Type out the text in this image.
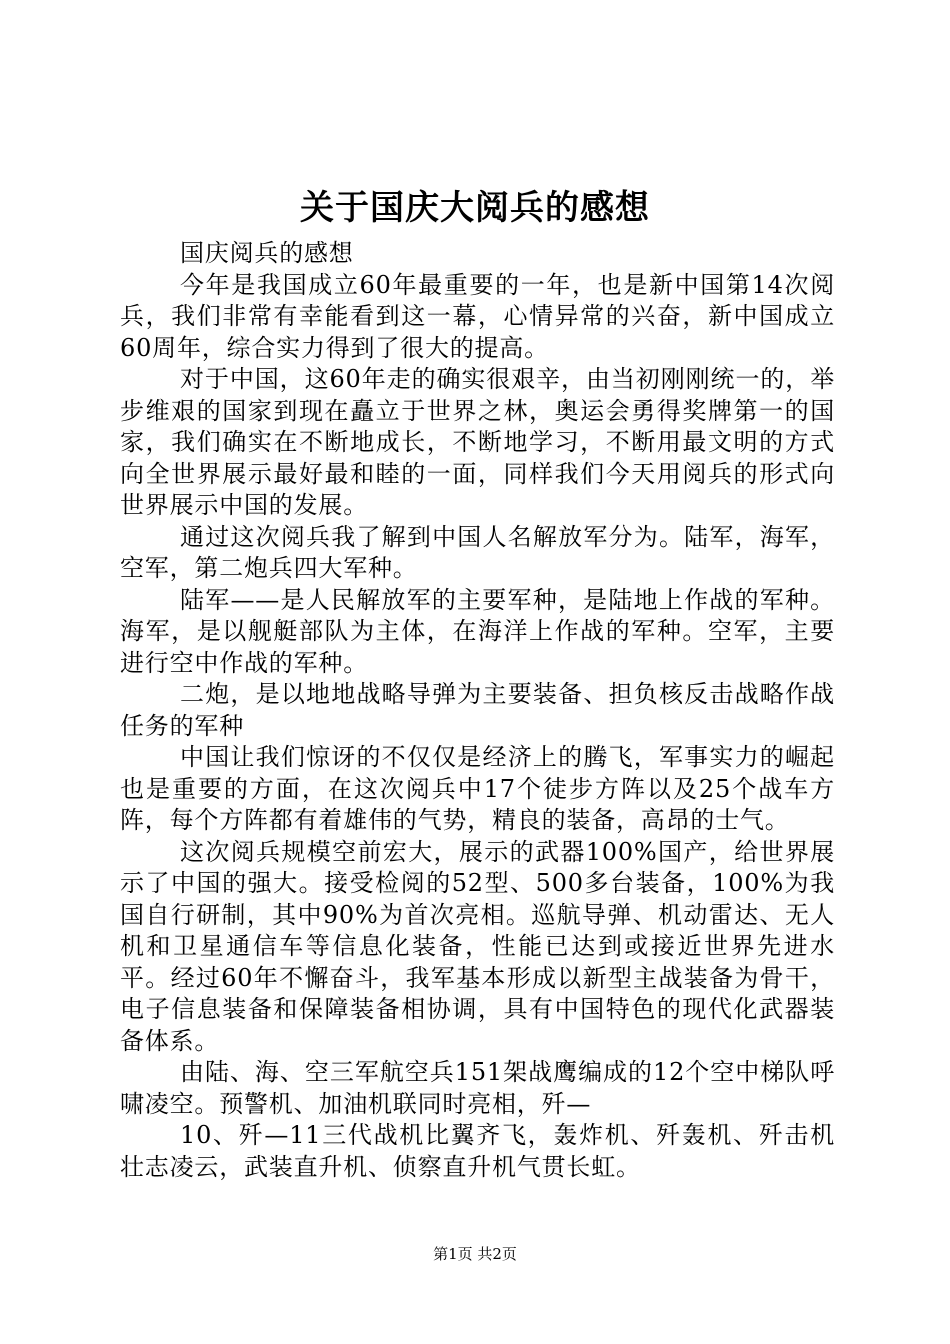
关于国庆大阅兵的感想

国庆阅兵的感想

今年是我国成立60年最重要的一年，也是新中国第14次阅兵，我们非常有幸能看到这一幕，心情异常的兴奋，新中国成立60周年，综合实力得到了很大的提高。

对于中国，这60年走的确实很艰辛，由当初刚刚统一的，举步维艰的国家到现在矗立于世界之林，奥运会勇得奖牌第一的国家，我们确实在不断地成长，不断地学习，不断用最文明的方式向全世界展示最好最和睦的一面，同样我们今天用阅兵的形式向世界展示中国的发展。

通过这次阅兵我了解到中国人名解放军分为。陆军，海军，空军，第二炮兵四大军种。

陆军——是人民解放军的主要军种，是陆地上作战的军种。海军，是以舰艇部队为主体，在海洋上作战的军种。空军，主要进行空中作战的军种。

二炮，是以地地战略导弹为主要装备、担负核反击战略作战任务的军种

中国让我们惊讶的不仅仅是经济上的腾飞，军事实力的崛起也是重要的方面，在这次阅兵中17个徒步方阵以及25个战车方阵，每个方阵都有着雄伟的气势，精良的装备，高昂的士气。

这次阅兵规模空前宏大，展示的武器100%国产，给世界展示了中国的强大。接受检阅的52型、500多台装备，100%为我国自行研制，其中90%为首次亮相。巡航导弹、机动雷达、无人机和卫星通信车等信息化装备，性能已达到或接近世界先进水平。经过60年不懈奋斗，我军基本形成以新型主战装备为骨干，电子信息装备和保障装备相协调，具有中国特色的现代化武器装备体系。

由陆、海、空三军航空兵151架战鹰编成的12个空中梯队呼啸凌空。预警机、加油机联同时亮相，歼—

10、歼—11三代战机比翼齐飞，轰炸机、歼轰机、歼击机壮志凌云，武装直升机、侦察直升机气贯长虹。

第1页 共2页
